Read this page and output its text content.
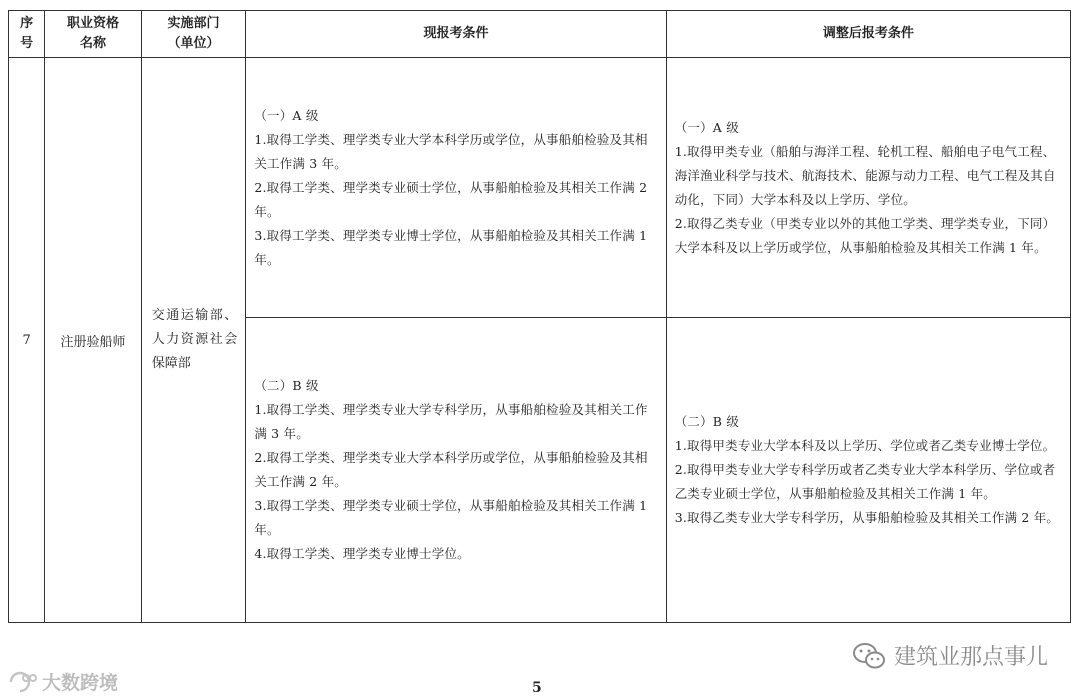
序
号	职业资格
名称	实施部门
（单位）	现报考条件	调整后报考条件
7	注册验船师	交通运输部、人力资源社会保障部	（一）A 级
1.取得工学类、理学类专业大学本科学历或学位，从事船舶检验及其相关工作满 3 年。
2.取得工学类、理学类专业硕士学位，从事船舶检验及其相关工作满 2 年。
3.取得工学类、理学类专业博士学位，从事船舶检验及其相关工作满 1 年。	（一）A 级
1.取得甲类专业（船舶与海洋工程、轮机工程、船舶电子电气工程、海洋渔业科学与技术、航海技术、能源与动力工程、电气工程及其自动化，下同）大学本科及以上学历、学位。
2.取得乙类专业（甲类专业以外的其他工学类、理学类专业，下同）大学本科及以上学历或学位，从事船舶检验及其相关工作满 1 年。

			（二）B 级
1.取得工学类、理学类专业大学专科学历，从事船舶检验及其相关工作满 3 年。
2.取得工学类、理学类专业大学本科学历或学位，从事船舶检验及其相关工作满 2 年。
3.取得工学类、理学类专业硕士学位，从事船舶检验及其相关工作满 1 年。
4.取得工学类、理学类专业博士学位。	（二）B 级
1.取得甲类专业大学本科及以上学历、学位或者乙类专业博士学位。
2.取得甲类专业大学专科学历或者乙类专业大学本科学历、学位或者乙类专业硕士学位，从事船舶检验及其相关工作满 1 年。
3.取得乙类专业大学专科学历，从事船舶检验及其相关工作满 2 年。
建筑业那点事儿
大数跨境	5
